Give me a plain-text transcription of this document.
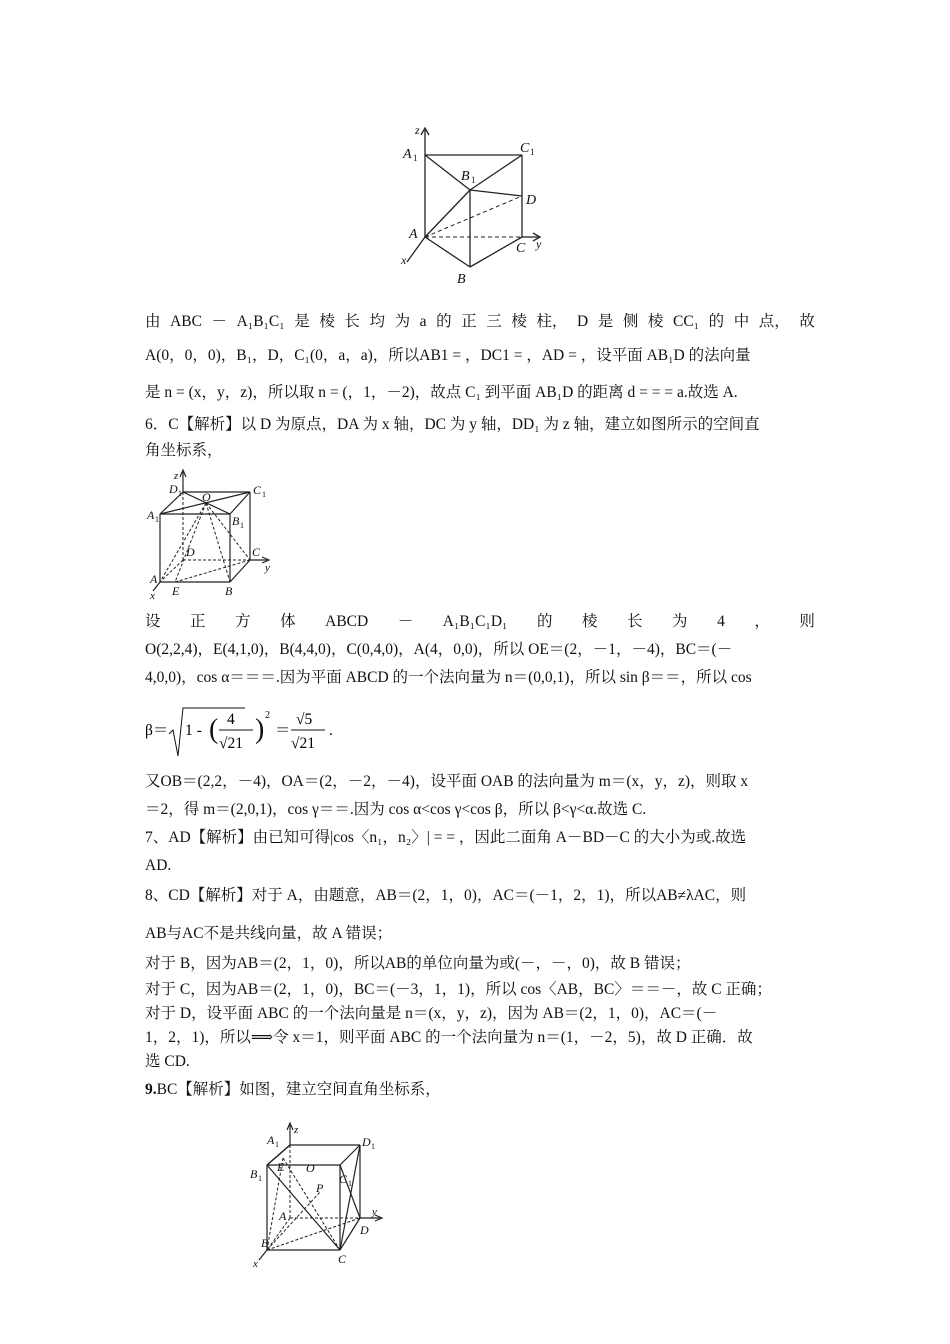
z
A 1
C 1
B 1
D
A
C y
x
B
由 ABC － A₁B₁C₁ 是 棱 长 均 为 a 的 正 三 棱 柱， D 是 侧 棱 CC₁ 的 中 点， 故
A(0，0，0)，B₁，D，C₁(0，a，a)，所以AB1 = ，DC1 = ，AD = ，设平面 AB₁D 的法向量
是 n = (x，y，z)，所以取 n = (，1，－2)，故点 C₁ 到平面 AB₁D 的距离 d = = = a.故选 A.
6．C【解析】以 D 为原点，DA 为 x 轴，DC 为 y 轴，DD₁ 为 z 轴，建立如图所示的空间直
角坐标系，
z
D 1 O	C 1
A 1	B 1
D	C
y
A
E	B
x
设 正 方 体 ABCD － A₁B₁C₁D₁ 的 棱 长 为 4 ， 则
O(2,2,4)，E(4,1,0)，B(4,4,0)，C(0,4,0)，A(4，0,0)，所以 OE＝(2，－1，－4)，BC＝(－
4,0,0)，cos α＝＝＝.因为平面 ABCD 的一个法向量为 n＝(0,0,1)，所以 sin β＝＝，所以 cos
β＝ 1 - ( 4
√21 ) 2
＝
√5
√21
.
又OB＝(2,2，－4)，OA＝(2，－2，－4)，设平面 OAB 的法向量为 m＝(x，y，z)，则取 x
＝2，得 m＝(2,0,1)，cos γ＝＝.因为 cos α<cos γ<cos β，所以 β<γ<α.故选 C.
7、AD【解析】由已知可得|cos〈n₁，n₂〉| = = ，因此二面角 A－BD－C 的大小为或.故选
AD.
8、CD【解析】对于 A，由题意，AB＝(2，1，0)，AC＝(－1，2，1)，所以AB≠λAC，则
AB与AC不是共线向量，故 A 错误；
对于 B，因为AB＝(2，1，0)，所以AB的单位向量为或(－，－，0)，故 B 错误；
对于 C，因为AB＝(2，1，0)，BC＝(－3，1，1)，所以 cos〈AB，BC〉＝＝－，故 C 正确；
对于 D，设平面 ABC 的一个法向量是 n＝(x，y，z)，因为 AB＝(2，1，0)，AC＝(－
1，2，1)，所以⟹令 x＝1，则平面 ABC 的一个法向量为 n＝(1，－2，5)，故 D 正确．故
选 CD.
9.BC【解析】如图，建立空间直角坐标系，
A 1
z
D 1
B 1
E O
C 1
P
A	y
D
B
C
x
